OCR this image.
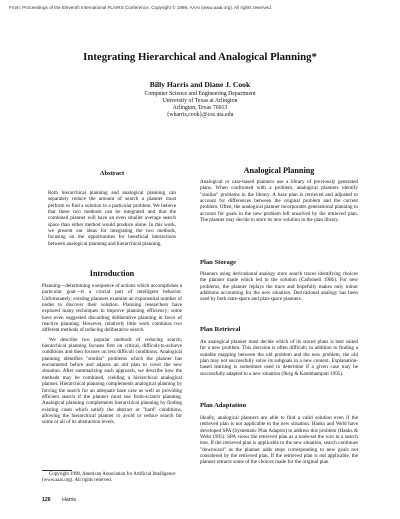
From: Proceedings of the Eleventh International FLAIRS Conference. Copyright © 1998, AAAI (www.aaai.org). All rights reserved.
Integrating Hierarchical and Analogical Planning*
Billy Harris and Diane J. Cook
Computer Science and Engineering Department
University of Texas at Arlington
Arlington, Texas 76013
{wharris,cook}@cse.uta.edu
Abstract
Both hierarchical planning and analogical planning can separately reduce the amount of search a planner must perform to find a solution to a particular problem. We believe that these two methods can be integrated and that the combined planner will have an even smaller average search space than either method would produce alone. In this work, we present our ideas for integrating the two methods, focusing on the opportunities for beneficial interactions between analogical planning and hierarchical planning.
Introduction

Planning—determining a sequence of actions which accomplishes a particular goal—is a crucial part of intelligent behavior. Unfortunately, existing planners examine an exponential number of nodes to discover their solution. Planning researchers have explored many techniques to improve planning efficiency; some have even suggested discarding deliberative planning in favor of reactive planning. However, relatively little work combines two different methods of reducing deliberative search.

We describe two popular methods of reducing search; hierarchical planning focuses first on critical, difficult-to-achieve conditions and then focuses on less difficult conditions. Analogical planning identifies "similar" problems which the planner has encountered before and adjusts an old plan to cover the new situation. After summarizing each approach, we describe how the methods may be combined, yielding a hierarchical analogical planner. Hierarchical planning complements analogical planning by forcing the search for an adequate base case as well as providing efficient search if the planner must use from-scratch planning. Analogical planning complements hierarchical planning by finding existing cases which satisfy the abstract or "hard" conditions, allowing the hierarchical planner to avoid or reduce search for some or all of its abstraction levels.

Copyright 1998, American Association for Artificial Intelligence (www.aaai.org). All rights reserved.
Analogical Planning
Analogical or case-based planners use a library of previously generated plans. When confronted with a problem, analogical planners identify "similar" problems in the library. A base plan is retrieved and adjusted to account for differences between the original problem and the current problem. Often, the analogical planner incorporates generational planning to account for goals in the new problem left unsolved by the retrieved plan. The planner may decide to store its new solution in the plan library.
Plan Storage
Planners using derivational analogy store search traces identifying choices the planner made which led to the solution (Carbonell 1986). For new problems, the planner replays the trace and hopefully makes only minor additions accounting for the new situation. Derivational analogy has been used by both state-space and plan-space planners.
Plan Retrieval
An analogical planner must decide which of its stored plans is best suited for a new problem. This decision is often difficult; in addition to finding a suitable mapping between the old problem and the new problem, the old plan may not successfully solve its subgoals in a new context. Explanation-based learning is sometimes used to determine if a given case may be successfully adapted to a new situation (Ihrig & Kambhampati 1995).
Plan Adaptation
Ideally, analogical planners are able to find a valid solution even if the retrieved plan is not applicable to the new situation. Hanks and Weld have developed SPA (Systematic Plan Adaptor) to address this problem (Hanks & Weld 1995). SPA views the retrieved plan as a node-set the root in a search tree. If the retrieved plan is applicable to the new situation, search continues "downward" as the planner adds steps corresponding to new goals not considered by the retrieved plan. If the retrieved plan is not applicable, the planner retracts some of the choices made for the original plan
126 Harris
